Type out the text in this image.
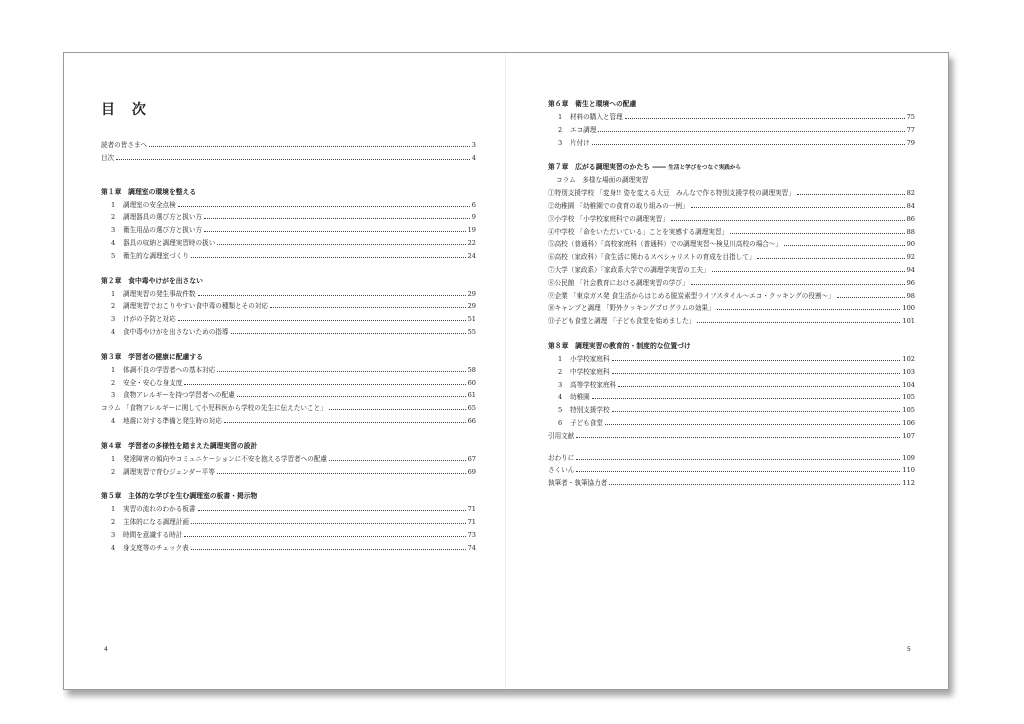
目 次
読者の皆さまへ	3
目次	4
第１章　調理室の環境を整える
1	調理室の安全点検	6
2	調理器具の選び方と扱い方	9
3	衛生用品の選び方と扱い方	19
4	器具の収納と調理実習時の扱い	22
5	衛生的な調理室づくり	24
第２章　食中毒やけがを出さない
1	調理実習の発生事故件数	29
2	調理実習でおこりやすい食中毒の種類とその対応	29
3	けがの予防と対応	51
4	食中毒やけがを出さないための指導	55
第３章　学習者の健康に配慮する
1	体調不良の学習者への基本対応	58
2	安全・安心な身支度	60
3	食物アレルギーを持つ学習者への配慮	61
コラム 「食物アレルギーに関して小児科医から学校の先生に伝えたいこと」	65
4	地震に対する準備と発生時の対応	66
第４章　学習者の多様性を踏まえた調理実習の設計
1	発達障害の傾向やコミュニケーションに不安を抱える学習者への配慮	67
2	調理実習で育むジェンダー平等	69
第５章　主体的な学びを生む調理室の板書・掲示物
1	実習の流れのわかる板書	71
2	主体的になる調理計画	71
3	時間を意識する時計	73
4	身支度等のチェック表	74
4
第６章　衛生と環境への配慮
1	材料の購入と管理	75
2	エコ調理	77
3	片付け	79
第７章　広がる調理実習のかたち ―― 生活と学びをつなぐ実践から
コラム　多様な場面の調理実習
①特別支援学校 「変身!! 姿を変える大豆　みんなで作る特別支援学校の調理実習」	82
②幼稚園 「幼稚園での食育の取り組みの一例」	84
③小学校 「小学校家庭科での調理実習」	86
④中学校 「命をいただいている」ことを実感する調理実習」	88
⑤高校（普通科）「高校家庭科（普通科）での調理実習～検見川高校の場合～」	90
⑥高校（家政科）「食生活に関わるスペシャリストの育成を目指して」	92
⑦大学（家政系）「家政系大学での調理学実習の工夫」	94
⑧公民館 「社会教育における調理実習の学び」	96
⑨企業 「東京ガス発 食生活からはじめる脱炭素型ライフスタイル～エコ・クッキングの役割～」	98
⑩キャンプと調理 「野外クッキングプログラムの効果」	100
⑪子ども食堂と調理 「子ども食堂を始めました」	101
第８章　調理実習の教育的・制度的な位置づけ
1	小学校家庭科	102
2	中学校家庭科	103
3	高等学校家庭科	104
4	幼稚園	105
5	特別支援学校	105
6	子ども食堂	106
引用文献	107
おわりに	109
さくいん	110
執筆者・執筆協力者	112
5
